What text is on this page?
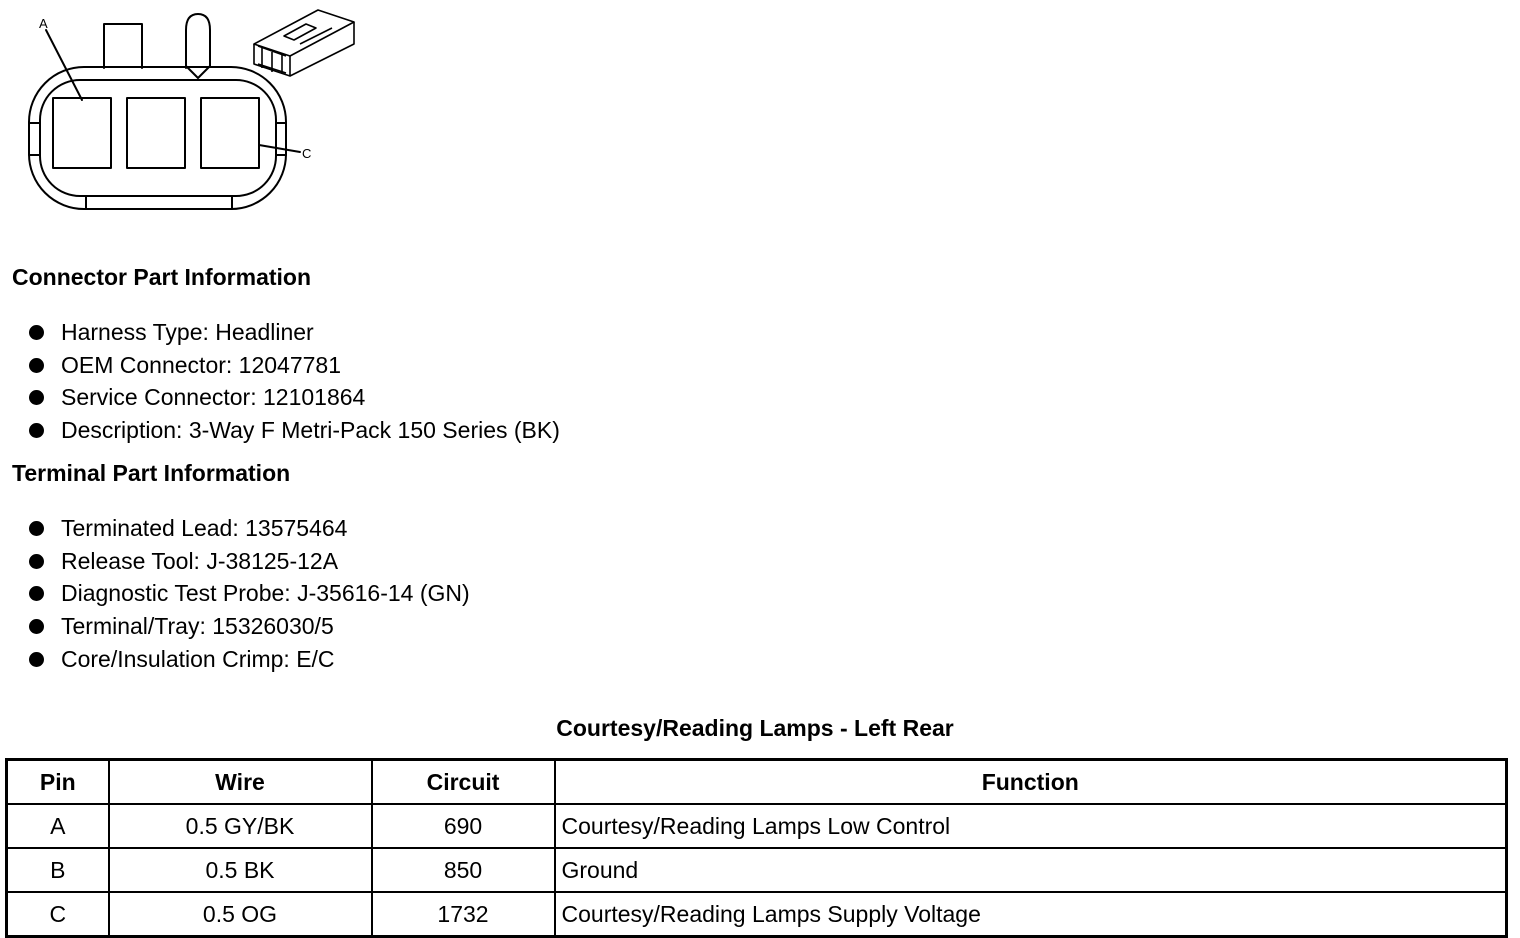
A
C
Connector Part Information
Harness Type: Headliner
OEM Connector: 12047781
Service Connector: 12101864
Description: 3-Way F Metri-Pack 150 Series (BK)
Terminal Part Information
Terminated Lead: 13575464
Release Tool: J-38125-12A
Diagnostic Test Probe: J-35616-14 (GN)
Terminal/Tray: 15326030/5
Core/Insulation Crimp: E/C
Courtesy/Reading Lamps - Left Rear
Pin	Wire	Circuit	Function
A	0.5 GY/BK	690	Courtesy/Reading Lamps Low Control
B	0.5 BK	850	Ground
C	0.5 OG	1732	Courtesy/Reading Lamps Supply Voltage
